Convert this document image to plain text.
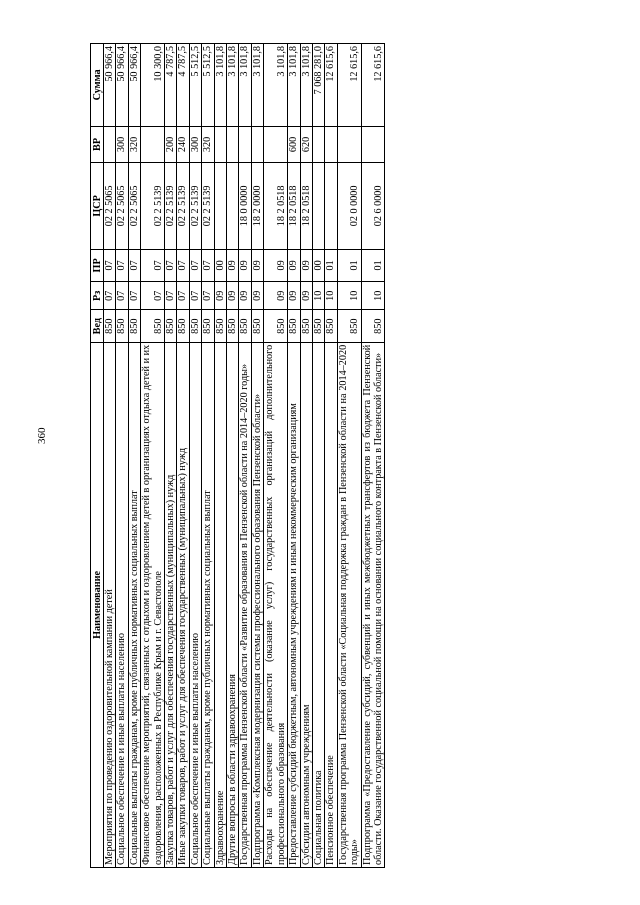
360
Наименование	Вед	Рз	ПР	ЦСР	ВР	Сумма
Мероприятия по проведению оздоровительной кампании детей	850	07	07	02 2 5065		50 966,4
Социальное обеспечение и иные выплаты населению	850	07	07	02 2 5065	300	50 966,4
Социальные выплаты гражданам, кроме публичных нормативных социальных выплат	850	07	07	02 2 5065	320	50 966,4
Финансовое обеспечение мероприятий, связанных с отдыхом и оздоровлением детей в организациях отдыха детей и их оздоровления, расположенных в Республике Крым и г. Севастополе	850	07	07	02 2 5139		10 300,0
Закупка товаров, работ и услуг для обеспечения государственных (муниципальных) нужд	850	07	07	02 2 5139	200	4 787,5
Иные закупки товаров, работ и услуг для обеспечения государственных (муниципальных) нужд	850	07	07	02 2 5139	240	4 787,5
Социальное обеспечение и иные выплаты населению	850	07	07	02 2 5139	300	5 512,5
Социальные выплаты гражданам, кроме публичных нормативных социальных выплат	850	07	07	02 2 5139	320	5 512,5
Здравоохранение	850	09	00			3 101,8
Другие вопросы в области здравоохранения	850	09	09			3 101,8
Государственная программа Пензенской области «Развитие образования в Пензенской области на 2014–2020 годы»	850	09	09	18 0 0000		3 101,8
Подпрограмма «Комплексная модернизация системы профессионального образования Пензенской области»	850	09	09	18 2 0000		3 101,8
Расходы на обеспечение деятельности (оказание услуг) государственных организаций дополнительного профессионального образования	850	09	09	18 2 0518		3 101,8
Предоставление субсидий бюджетным, автономным учреждениям и иным некоммерческим организациям	850	09	09	18 2 0518	600	3 101,8
Субсидии автономным учреждениям	850	09	09	18 2 0518	620	3 101,8
Социальная политика	850	10	00			7 068 281,0
Пенсионное обеспечение	850	10	01			12 615,6
Государственная программа Пензенской области «Социальная поддержка граждан в Пензенской области на 2014–2020 годы»	850	10	01	02 0 0000		12 615,6
Подпрограмма «Предоставление субсидий, субвенций и иных межбюджетных трансфертов из бюджета Пензенской области. Оказание государственной социальной помощи на основании социального контракта в Пензенской области»	850	10	01	02 6 0000		12 615,6
